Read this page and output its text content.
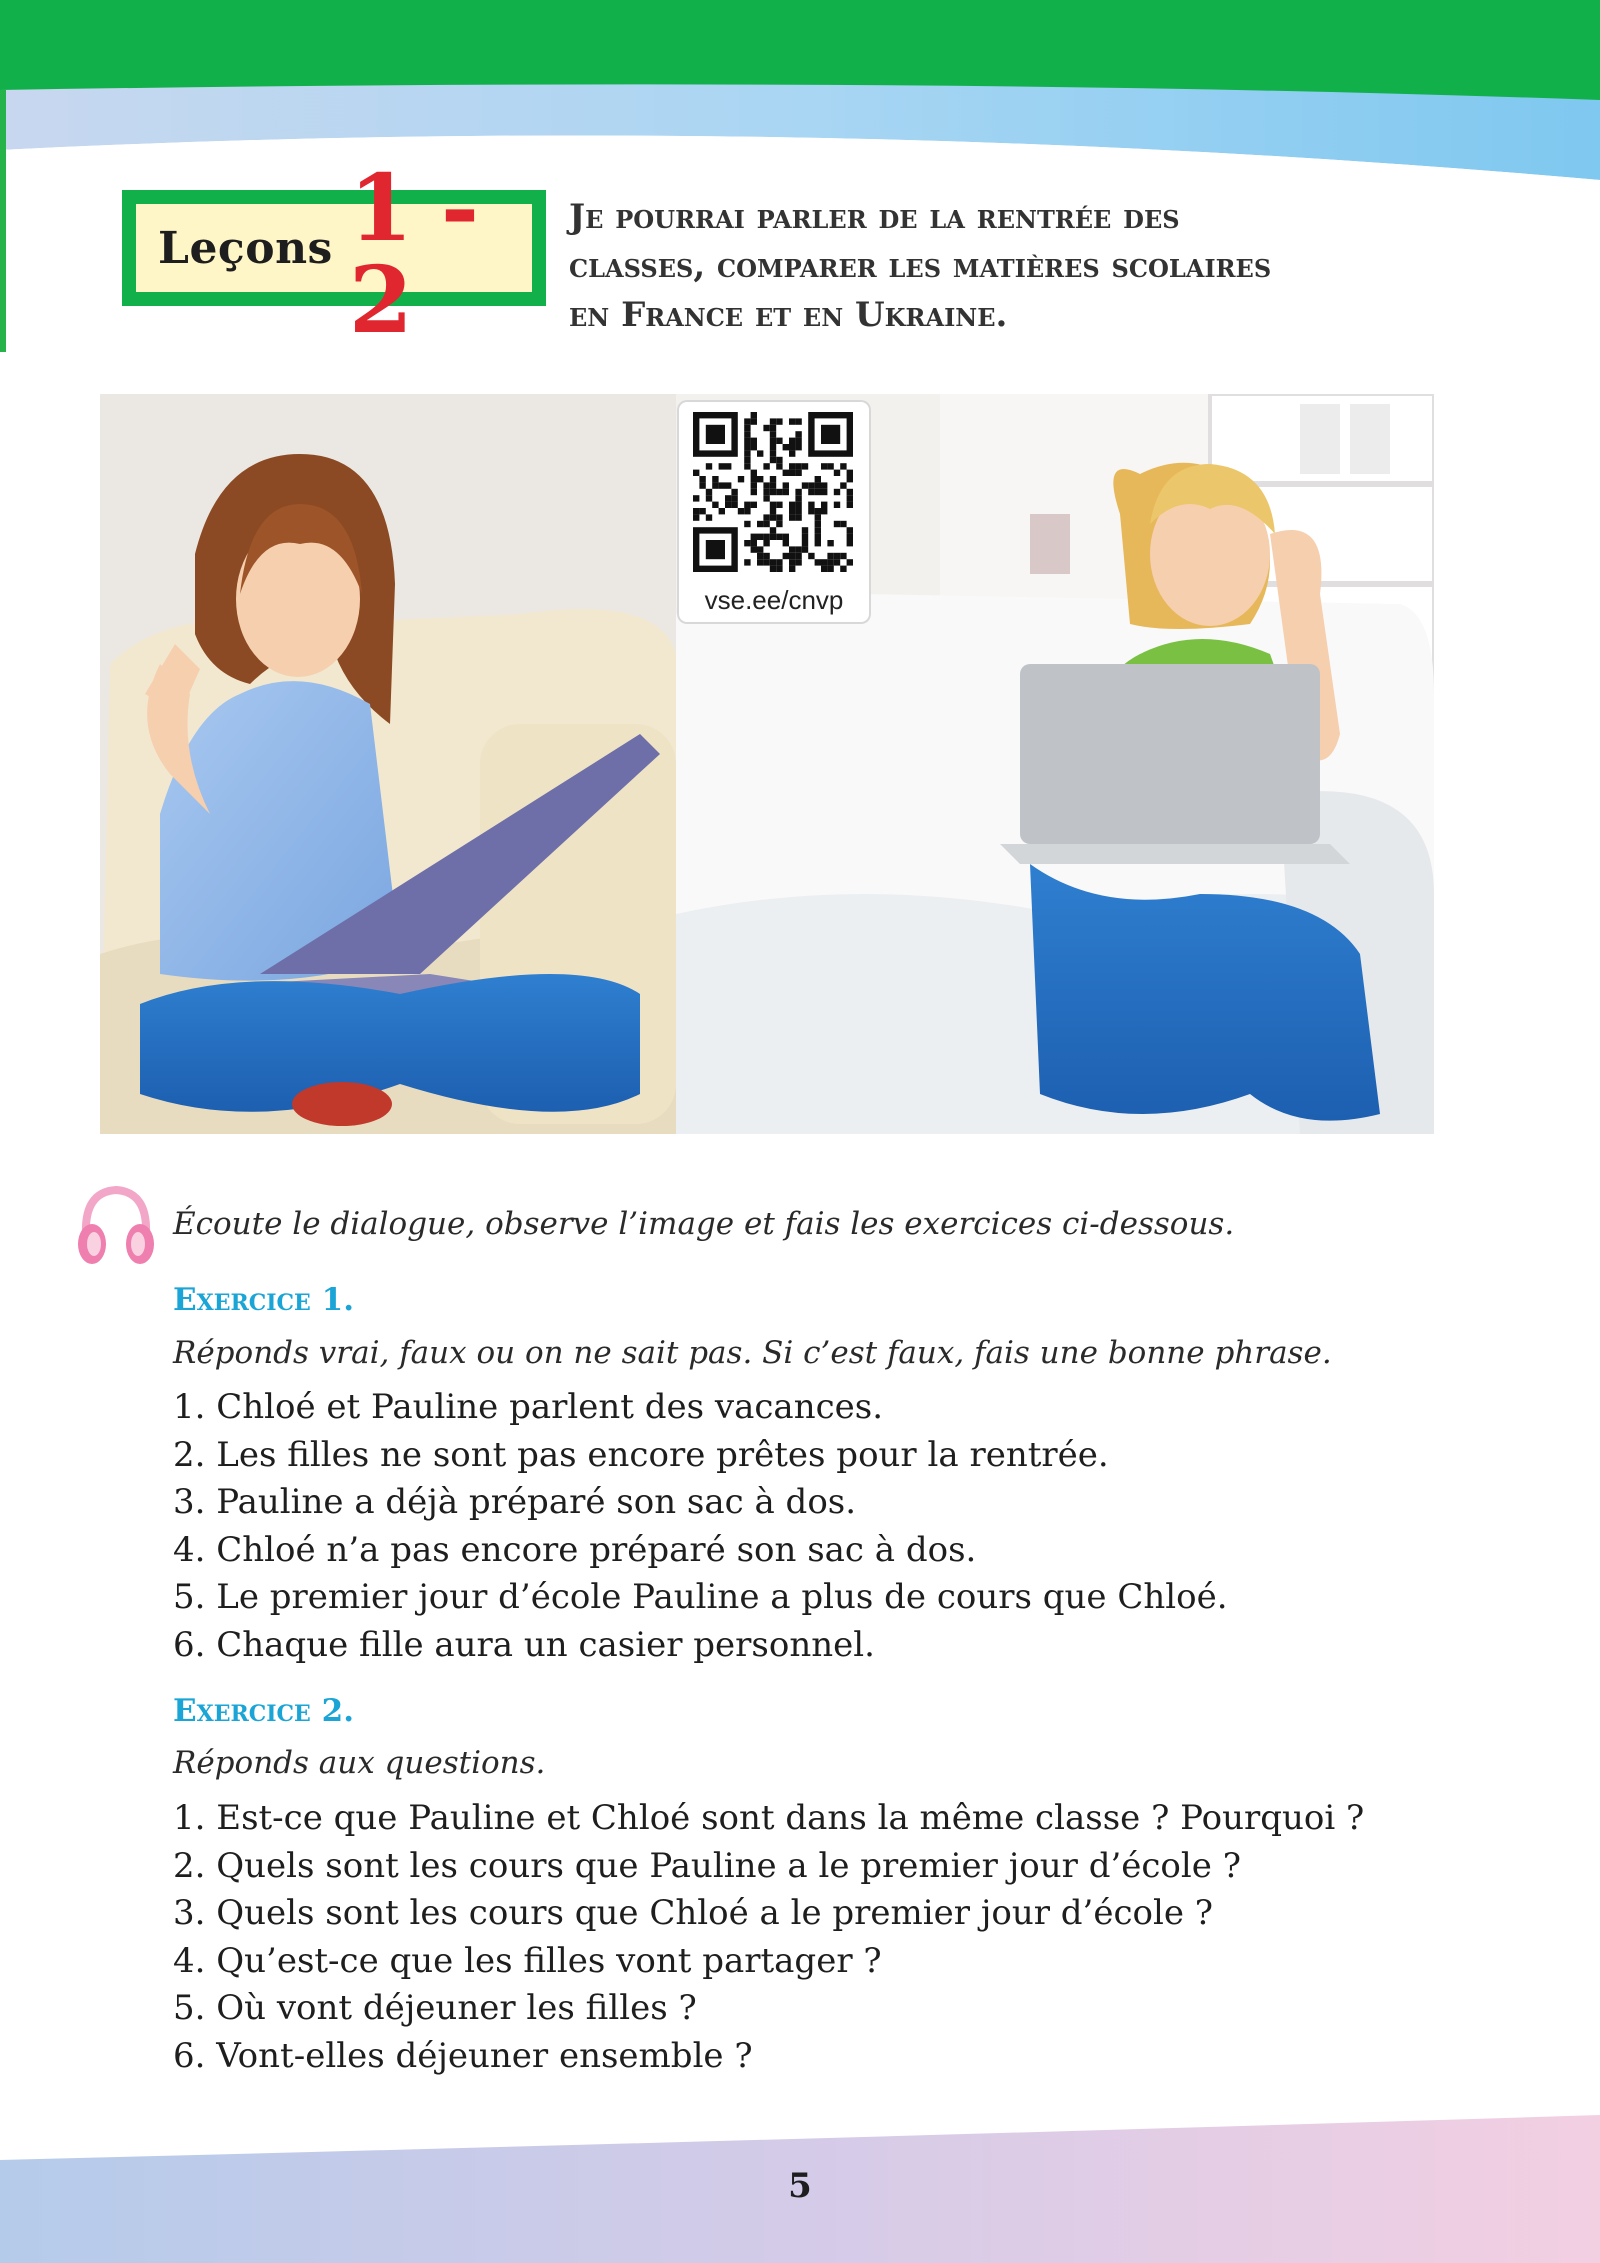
Leçons 1 - 2
Je pourrai parler de la rentrée des
classes, comparer les matières scolaires
en France et en Ukraine.
vse.ee/cnvp
Écoute le dialogue, observe l’image et fais les exercices ci-dessous.
Exercice 1.
Réponds vrai, faux ou on ne sait pas. Si c’est faux, fais une bonne phrase.
1. Chloé et Pauline parlent des vacances.
2. Les filles ne sont pas encore prêtes pour la rentrée.
3. Pauline a déjà préparé son sac à dos.
4. Chloé n’a pas encore préparé son sac à dos.
5. Le premier jour d’école Pauline a plus de cours que Chloé.
6. Chaque fille aura un casier personnel.
Exercice 2.
Réponds aux questions.
1. Est-ce que Pauline et Chloé sont dans la même classe ? Pourquoi ?
2. Quels sont les cours que Pauline a le premier jour d’école ?
3. Quels sont les cours que Chloé a le premier jour d’école ?
4. Qu’est-ce que les filles vont partager ?
5. Où vont déjeuner les filles ?
6. Vont-elles déjeuner ensemble ?
5
